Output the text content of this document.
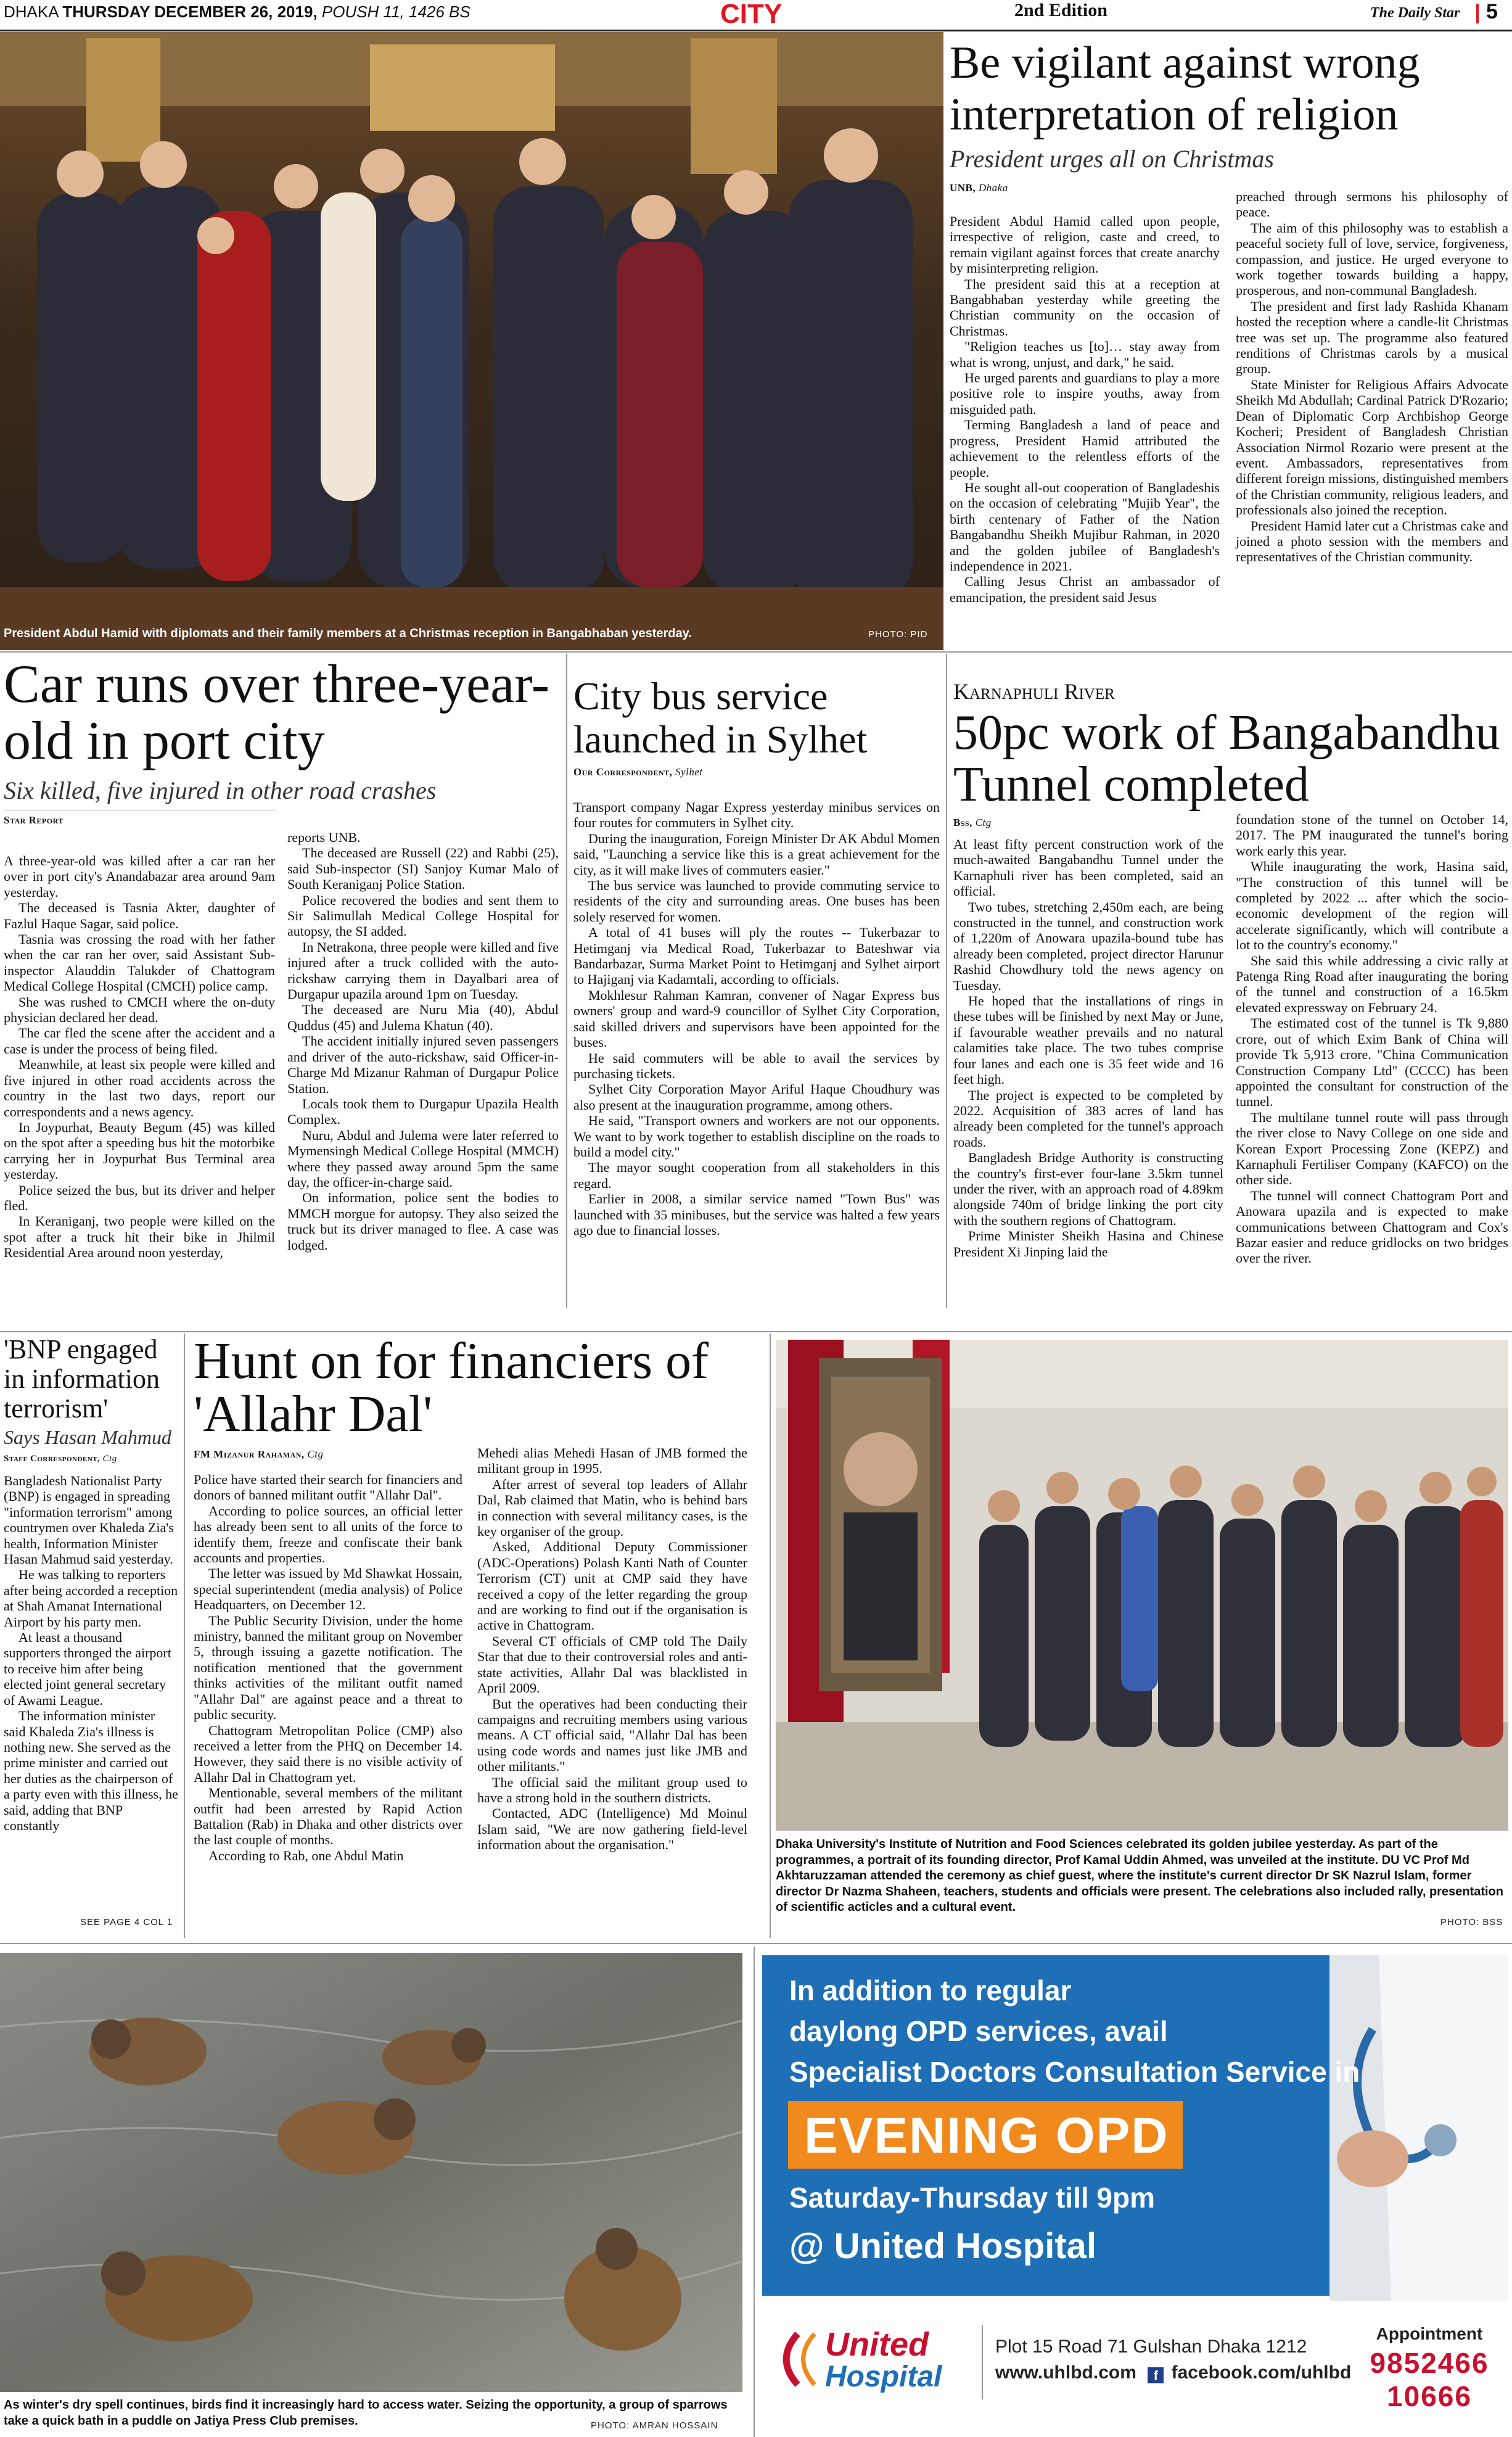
DHAKA THURSDAY DECEMBER 26, 2019, POUSH 11, 1426 BS	CITY	2nd Edition	The Daily Star 5
President Abdul Hamid with diplomats and their family members at a Christmas reception in Bangabhaban yesterday.	PHOTO: PID
Be vigilant against wrong interpretation of religion
President urges all on Christmas
UNB, Dhaka

President Abdul Hamid called upon people, irrespective of religion, caste and creed, to remain vigilant against forces that create anarchy by misinterpreting religion.

The president said this at a reception at Bangabhaban yesterday while greeting the Christian community on the occasion of Christmas.

"Religion teaches us [to]… stay away from what is wrong, unjust, and dark," he said.

He urged parents and guardians to play a more positive role to inspire youths, away from misguided path.

Terming Bangladesh a land of peace and progress, President Hamid attributed the achievement to the relentless efforts of the people.

He sought all-out cooperation of Bangladeshis on the occasion of celebrating "Mujib Year", the birth centenary of Father of the Nation Bangabandhu Sheikh Mujibur Rahman, in 2020 and the golden jubilee of Bangladesh's independence in 2021.

Calling Jesus Christ an ambassador of emancipation, the president said Jesus

preached through sermons his philosophy of peace.

The aim of this philosophy was to establish a peaceful society full of love, service, forgiveness, compassion, and justice. He urged everyone to work together towards building a happy, prosperous, and non-communal Bangladesh.

The president and first lady Rashida Khanam hosted the reception where a candle-lit Christmas tree was set up. The programme also featured renditions of Christmas carols by a musical group.

State Minister for Religious Affairs Advocate Sheikh Md Abdullah; Cardinal Patrick D'Rozario; Dean of Diplomatic Corp Archbishop George Kocheri; President of Bangladesh Christian Association Nirmol Rozario were present at the event. Ambassadors, representatives from different foreign missions, distinguished members of the Christian community, religious leaders, and professionals also joined the reception.

President Hamid later cut a Christmas cake and joined a photo session with the members and representatives of the Christian community.

Car runs over three-year-old in port city
Six killed, five injured in other road crashes
Star Report

A three-year-old was killed after a car ran her over in port city's Anandabazar area around 9am yesterday.

The deceased is Tasnia Akter, daughter of Fazlul Haque Sagar, said police.

Tasnia was crossing the road with her father when the car ran her over, said Assistant Sub-inspector Alauddin Talukder of Chattogram Medical College Hospital (CMCH) police camp.

She was rushed to CMCH where the on-duty physician declared her dead.

The car fled the scene after the accident and a case is under the process of being filed.

Meanwhile, at least six people were killed and five injured in other road accidents across the country in the last two days, report our correspondents and a news agency.

In Joypurhat, Beauty Begum (45) was killed on the spot after a speeding bus hit the motorbike carrying her in Joypurhat Bus Terminal area yesterday.

Police seized the bus, but its driver and helper fled.

In Keraniganj, two people were killed on the spot after a truck hit their bike in Jhilmil Residential Area around noon yesterday,

reports UNB.

The deceased are Russell (22) and Rabbi (25), said Sub-inspector (SI) Sanjoy Kumar Malo of South Keraniganj Police Station.

Police recovered the bodies and sent them to Sir Salimullah Medical College Hospital for autopsy, the SI added.

In Netrakona, three people were killed and five injured after a truck collided with the auto-rickshaw carrying them in Dayalbari area of Durgapur upazila around 1pm on Tuesday.

The deceased are Nuru Mia (40), Abdul Quddus (45) and Julema Khatun (40).

The accident initially injured seven passengers and driver of the auto-rickshaw, said Officer-in-Charge Md Mizanur Rahman of Durgapur Police Station.

Locals took them to Durgapur Upazila Health Complex.

Nuru, Abdul and Julema were later referred to Mymensingh Medical College Hospital (MMCH) where they passed away around 5pm the same day, the officer-in-charge said.

On information, police sent the bodies to MMCH morgue for autopsy. They also seized the truck but its driver managed to flee. A case was lodged.

City bus service launched in Sylhet
Our Correspondent, Sylhet

Transport company Nagar Express yesterday minibus services on four routes for commuters in Sylhet city.

During the inauguration, Foreign Minister Dr AK Abdul Momen said, "Launching a service like this is a great achievement for the city, as it will make lives of commuters easier."

The bus service was launched to provide commuting service to residents of the city and surrounding areas. One buses has been solely reserved for women.

A total of 41 buses will ply the routes -- Tukerbazar to Hetimganj via Medical Road, Tukerbazar to Bateshwar via Bandarbazar, Surma Market Point to Hetimganj and Sylhet airport to Hajiganj via Kadamtali, according to officials.

Mokhlesur Rahman Kamran, convener of Nagar Express bus owners' group and ward-9 councillor of Sylhet City Corporation, said skilled drivers and supervisors have been appointed for the buses.

He said commuters will be able to avail the services by purchasing tickets.

Sylhet City Corporation Mayor Ariful Haque Choudhury was also present at the inauguration programme, among others.

He said, "Transport owners and workers are not our opponents. We want to by work together to establish discipline on the roads to build a model city."

The mayor sought cooperation from all stakeholders in this regard.

Earlier in 2008, a similar service named "Town Bus" was launched with 35 minibuses, but the service was halted a few years ago due to financial losses.

Karnaphuli River
50pc work of Bangabandhu Tunnel completed
Bss, Ctg

At least fifty percent construction work of the much-awaited Bangabandhu Tunnel under the Karnaphuli river has been completed, said an official.

Two tubes, stretching 2,450m each, are being constructed in the tunnel, and construction work of 1,220m of Anowara upazila-bound tube has already been completed, project director Harunur Rashid Chowdhury told the news agency on Tuesday.

He hoped that the installations of rings in these tubes will be finished by next May or June, if favourable weather prevails and no natural calamities take place. The two tubes comprise four lanes and each one is 35 feet wide and 16 feet high.

The project is expected to be completed by 2022. Acquisition of 383 acres of land has already been completed for the tunnel's approach roads.

Bangladesh Bridge Authority is constructing the country's first-ever four-lane 3.5km tunnel under the river, with an approach road of 4.89km alongside 740m of bridge linking the port city with the southern regions of Chattogram.

Prime Minister Sheikh Hasina and Chinese President Xi Jinping laid the

foundation stone of the tunnel on October 14, 2017. The PM inaugurated the tunnel's boring work early this year.

While inaugurating the work, Hasina said, "The construction of this tunnel will be completed by 2022 ... after which the socio-economic development of the region will accelerate significantly, which will contribute a lot to the country's economy."

She said this while addressing a civic rally at Patenga Ring Road after inaugurating the boring of the tunnel and construction of a 16.5km elevated expressway on February 24.

The estimated cost of the tunnel is Tk 9,880 crore, out of which Exim Bank of China will provide Tk 5,913 crore. "China Communication Construction Company Ltd" (CCCC) has been appointed the consultant for construction of the tunnel.

The multilane tunnel route will pass through the river close to Navy College on one side and Korean Export Processing Zone (KEPZ) and Karnaphuli Fertiliser Company (KAFCO) on the other side.

The tunnel will connect Chattogram Port and Anowara upazila and is expected to make communications between Chattogram and Cox's Bazar easier and reduce gridlocks on two bridges over the river.

'BNP engaged in information terrorism'
Says Hasan Mahmud
Staff Correspondent, Ctg

Bangladesh Nationalist Party (BNP) is engaged in spreading "information terrorism" among countrymen over Khaleda Zia's health, Information Minister Hasan Mahmud said yesterday.

He was talking to reporters after being accorded a reception at Shah Amanat International Airport by his party men.

At least a thousand supporters thronged the airport to receive him after being elected joint general secretary of Awami League.

The information minister said Khaleda Zia's illness is nothing new. She served as the prime minister and carried out her duties as the chairperson of a party even with this illness, he said, adding that BNP constantly

SEE PAGE 4 COL 1
Hunt on for financiers of 'Allahr Dal'
FM Mizanur Rahaman, Ctg

Police have started their search for financiers and donors of banned militant outfit "Allahr Dal".

According to police sources, an official letter has already been sent to all units of the force to identify them, freeze and confiscate their bank accounts and properties.

The letter was issued by Md Shawkat Hossain, special superintendent (media analysis) of Police Headquarters, on December 12.

The Public Security Division, under the home ministry, banned the militant group on November 5, through issuing a gazette notification. The notification mentioned that the government thinks activities of the militant outfit named "Allahr Dal" are against peace and a threat to public security.

Chattogram Metropolitan Police (CMP) also received a letter from the PHQ on December 14. However, they said there is no visible activity of Allahr Dal in Chattogram yet.

Mentionable, several members of the militant outfit had been arrested by Rapid Action Battalion (Rab) in Dhaka and other districts over the last couple of months.

According to Rab, one Abdul Matin

Mehedi alias Mehedi Hasan of JMB formed the militant group in 1995.

After arrest of several top leaders of Allahr Dal, Rab claimed that Matin, who is behind bars in connection with several militancy cases, is the key organiser of the group.

Asked, Additional Deputy Commissioner (ADC-Operations) Polash Kanti Nath of Counter Terrorism (CT) unit at CMP said they have received a copy of the letter regarding the group and are working to find out if the organisation is active in Chattogram.

Several CT officials of CMP told The Daily Star that due to their controversial roles and anti-state activities, Allahr Dal was blacklisted in April 2009.

But the operatives had been conducting their campaigns and recruiting members using various means. A CT official said, "Allahr Dal has been using code words and names just like JMB and other militants."

The official said the militant group used to have a strong hold in the southern districts.

Contacted, ADC (Intelligence) Md Moinul Islam said, "We are now gathering field-level information about the organisation."	Dhaka University's Institute of Nutrition and Food Sciences celebrated its golden jubilee yesterday. As part of the programmes, a portrait of its founding director, Prof Kamal Uddin Ahmed, was unveiled at the institute. DU VC Prof Md Akhtaruzzaman attended the ceremony as chief guest, where the institute's current director Dr SK Nazrul Islam, former director Dr Nazma Shaheen, teachers, students and officials were present. The celebrations also included rally, presentation of scientific acticles and a cultural event.
PHOTO: BSS
As winter's dry spell continues, birds find it increasingly hard to access water. Seizing the opportunity, a group of sparrows take a quick bath in a puddle on Jatiya Press Club premises.	PHOTO: AMRAN HOSSAIN
In addition to regular
daylong OPD services, avail
Specialist Doctors Consultation Service in
EVENING OPD
Saturday-Thursday till 9pm
@ United Hospital
United
Hospital
Plot 15 Road 71 Gulshan Dhaka 1212
www.uhlbd.com f facebook.com/uhlbd
Appointment
9852466
10666
